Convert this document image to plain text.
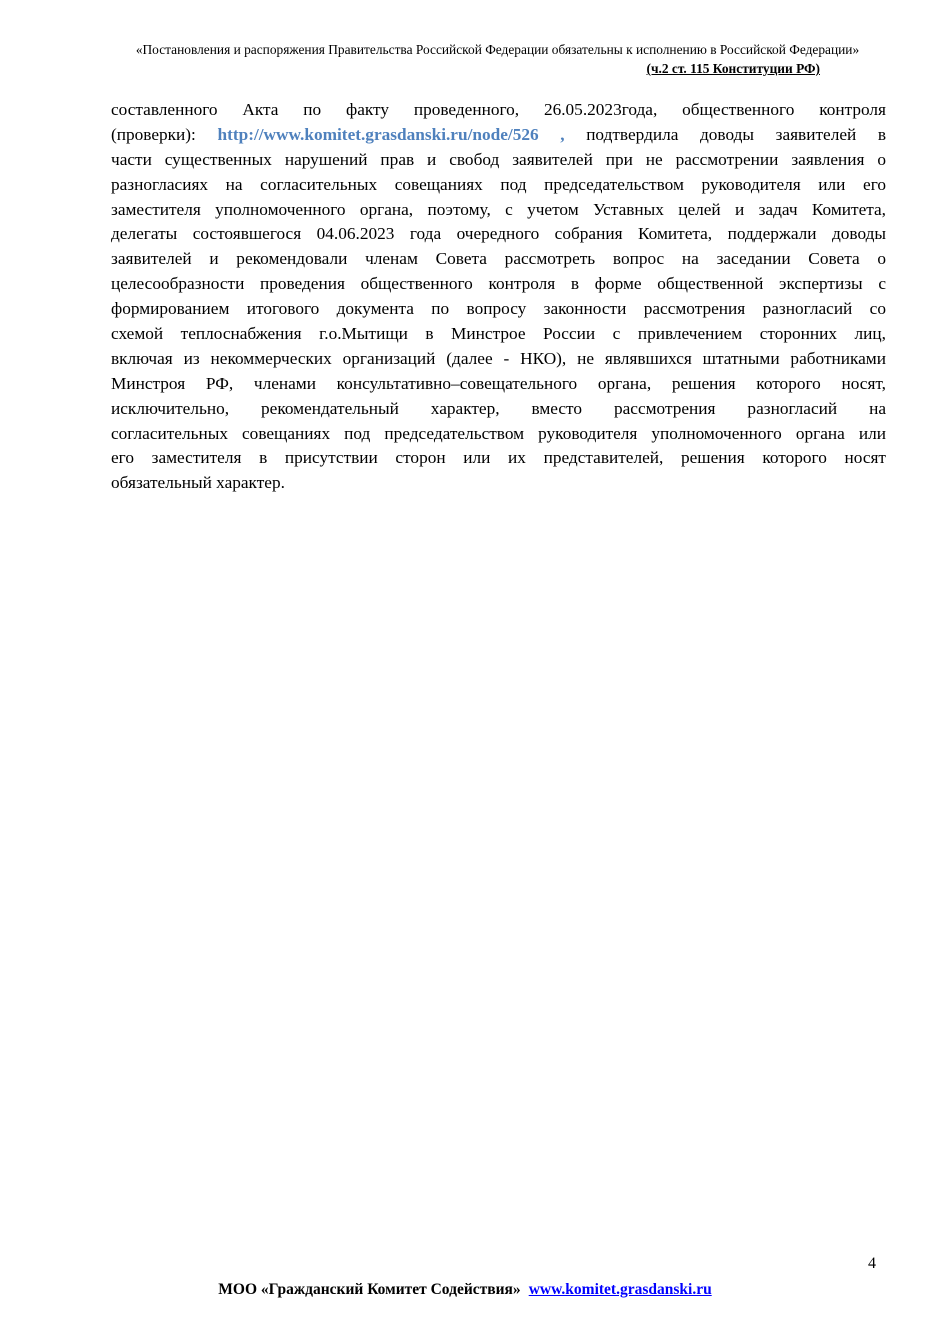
«Постановления и распоряжения Правительства Российской Федерации обязательны к исполнению в Российской Федерации»
(ч.2 ст. 115 Конституции РФ)
составленного Акта по факту проведенного, 26.05.2023года, общественного контроля
(проверки): http://www.komitet.grasdanski.ru/node/526 , подтвердила доводы заявителей в
части существенных нарушений прав и свобод заявителей при не рассмотрении заявления о
разногласиях на согласительных совещаниях под председательством руководителя или его
заместителя уполномоченного органа, поэтому, с учетом Уставных целей и задач Комитета,
делегаты состоявшегося 04.06.2023 года очередного собрания Комитета, поддержали доводы
заявителей и рекомендовали членам Совета рассмотреть вопрос на заседании Совета о
целесообразности проведения общественного контроля в форме общественной экспертизы с
формированием итогового документа по вопросу законности рассмотрения разногласий со
схемой теплоснабжения г.о.Мытищи в Минстрое России с привлечением сторонних лиц,
включая из некоммерческих организаций (далее - НКО), не являвшихся штатными работниками
Минстроя РФ, членами консультативно–совещательного органа, решения которого носят,
исключительно, рекомендательный характер, вместо рассмотрения разногласий на
согласительных совещаниях под председательством руководителя уполномоченного органа или
его заместителя в присутствии сторон или их представителей, решения которого носят
обязательный характер.
4
МОО «Гражданский Комитет Содействия» www.komitet.grasdanski.ru
